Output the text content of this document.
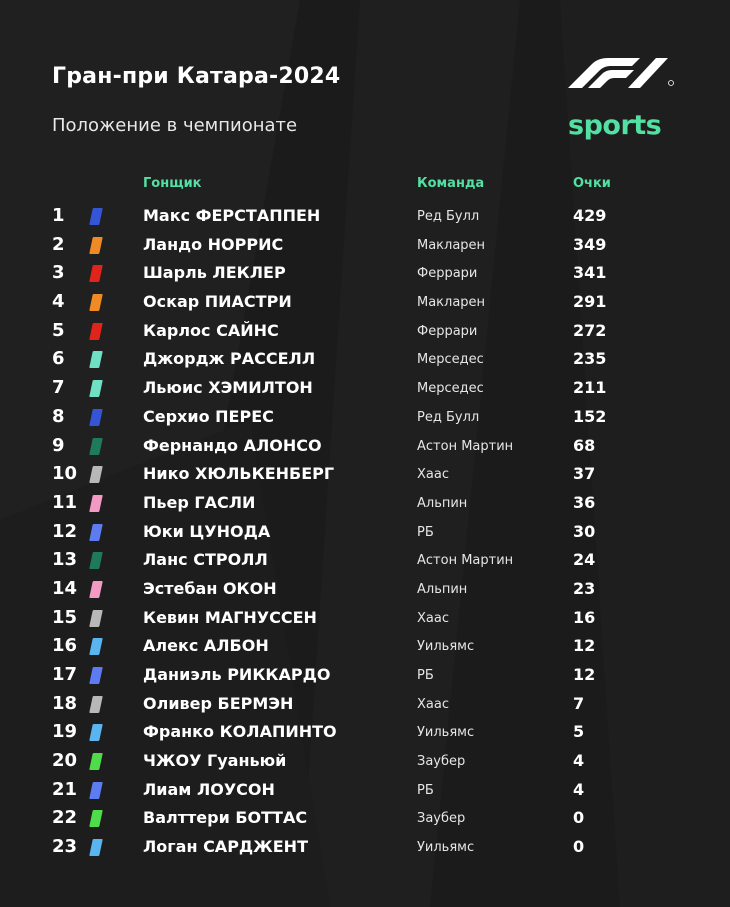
Гран-при Катара-2024

Положение в чемпионате	sports
Гонщик	Команда	Очки
1	Макс ФЕРСТАППЕН	Ред Булл	429
2	Ландо НОРРИС	Макларен	349
3	Шарль ЛЕКЛЕР	Феррари	341
4	Оскар ПИАСТРИ	Макларен	291
5	Карлос САЙНС	Феррари	272
6	Джордж РАССЕЛЛ	Мерседес	235
7	Льюис ХЭМИЛТОН	Мерседес	211
8	Серхио ПЕРЕС	Ред Булл	152
9	Фернандо АЛОНСО	Астон Мартин	68
10	Нико ХЮЛЬКЕНБЕРГ	Хаас	37
11	Пьер ГАСЛИ	Альпин	36
12	Юки ЦУНОДА	РБ	30
13	Ланс СТРОЛЛ	Астон Мартин	24
14	Эстебан ОКОН	Альпин	23
15	Кевин МАГНУССЕН	Хаас	16
16	Алекс АЛБОН	Уильямс	12
17	Даниэль РИККАРДО	РБ	12
18	Оливер БЕРМЭН	Хаас	7
19	Франко КОЛАПИНТО	Уильямс	5
20	ЧЖОУ Гуаньюй	Заубер	4
21	Лиам ЛОУСОН	РБ	4
22	Валттери БОТТАС	Заубер	0
23	Логан САРДЖЕНТ	Уильямс	0
